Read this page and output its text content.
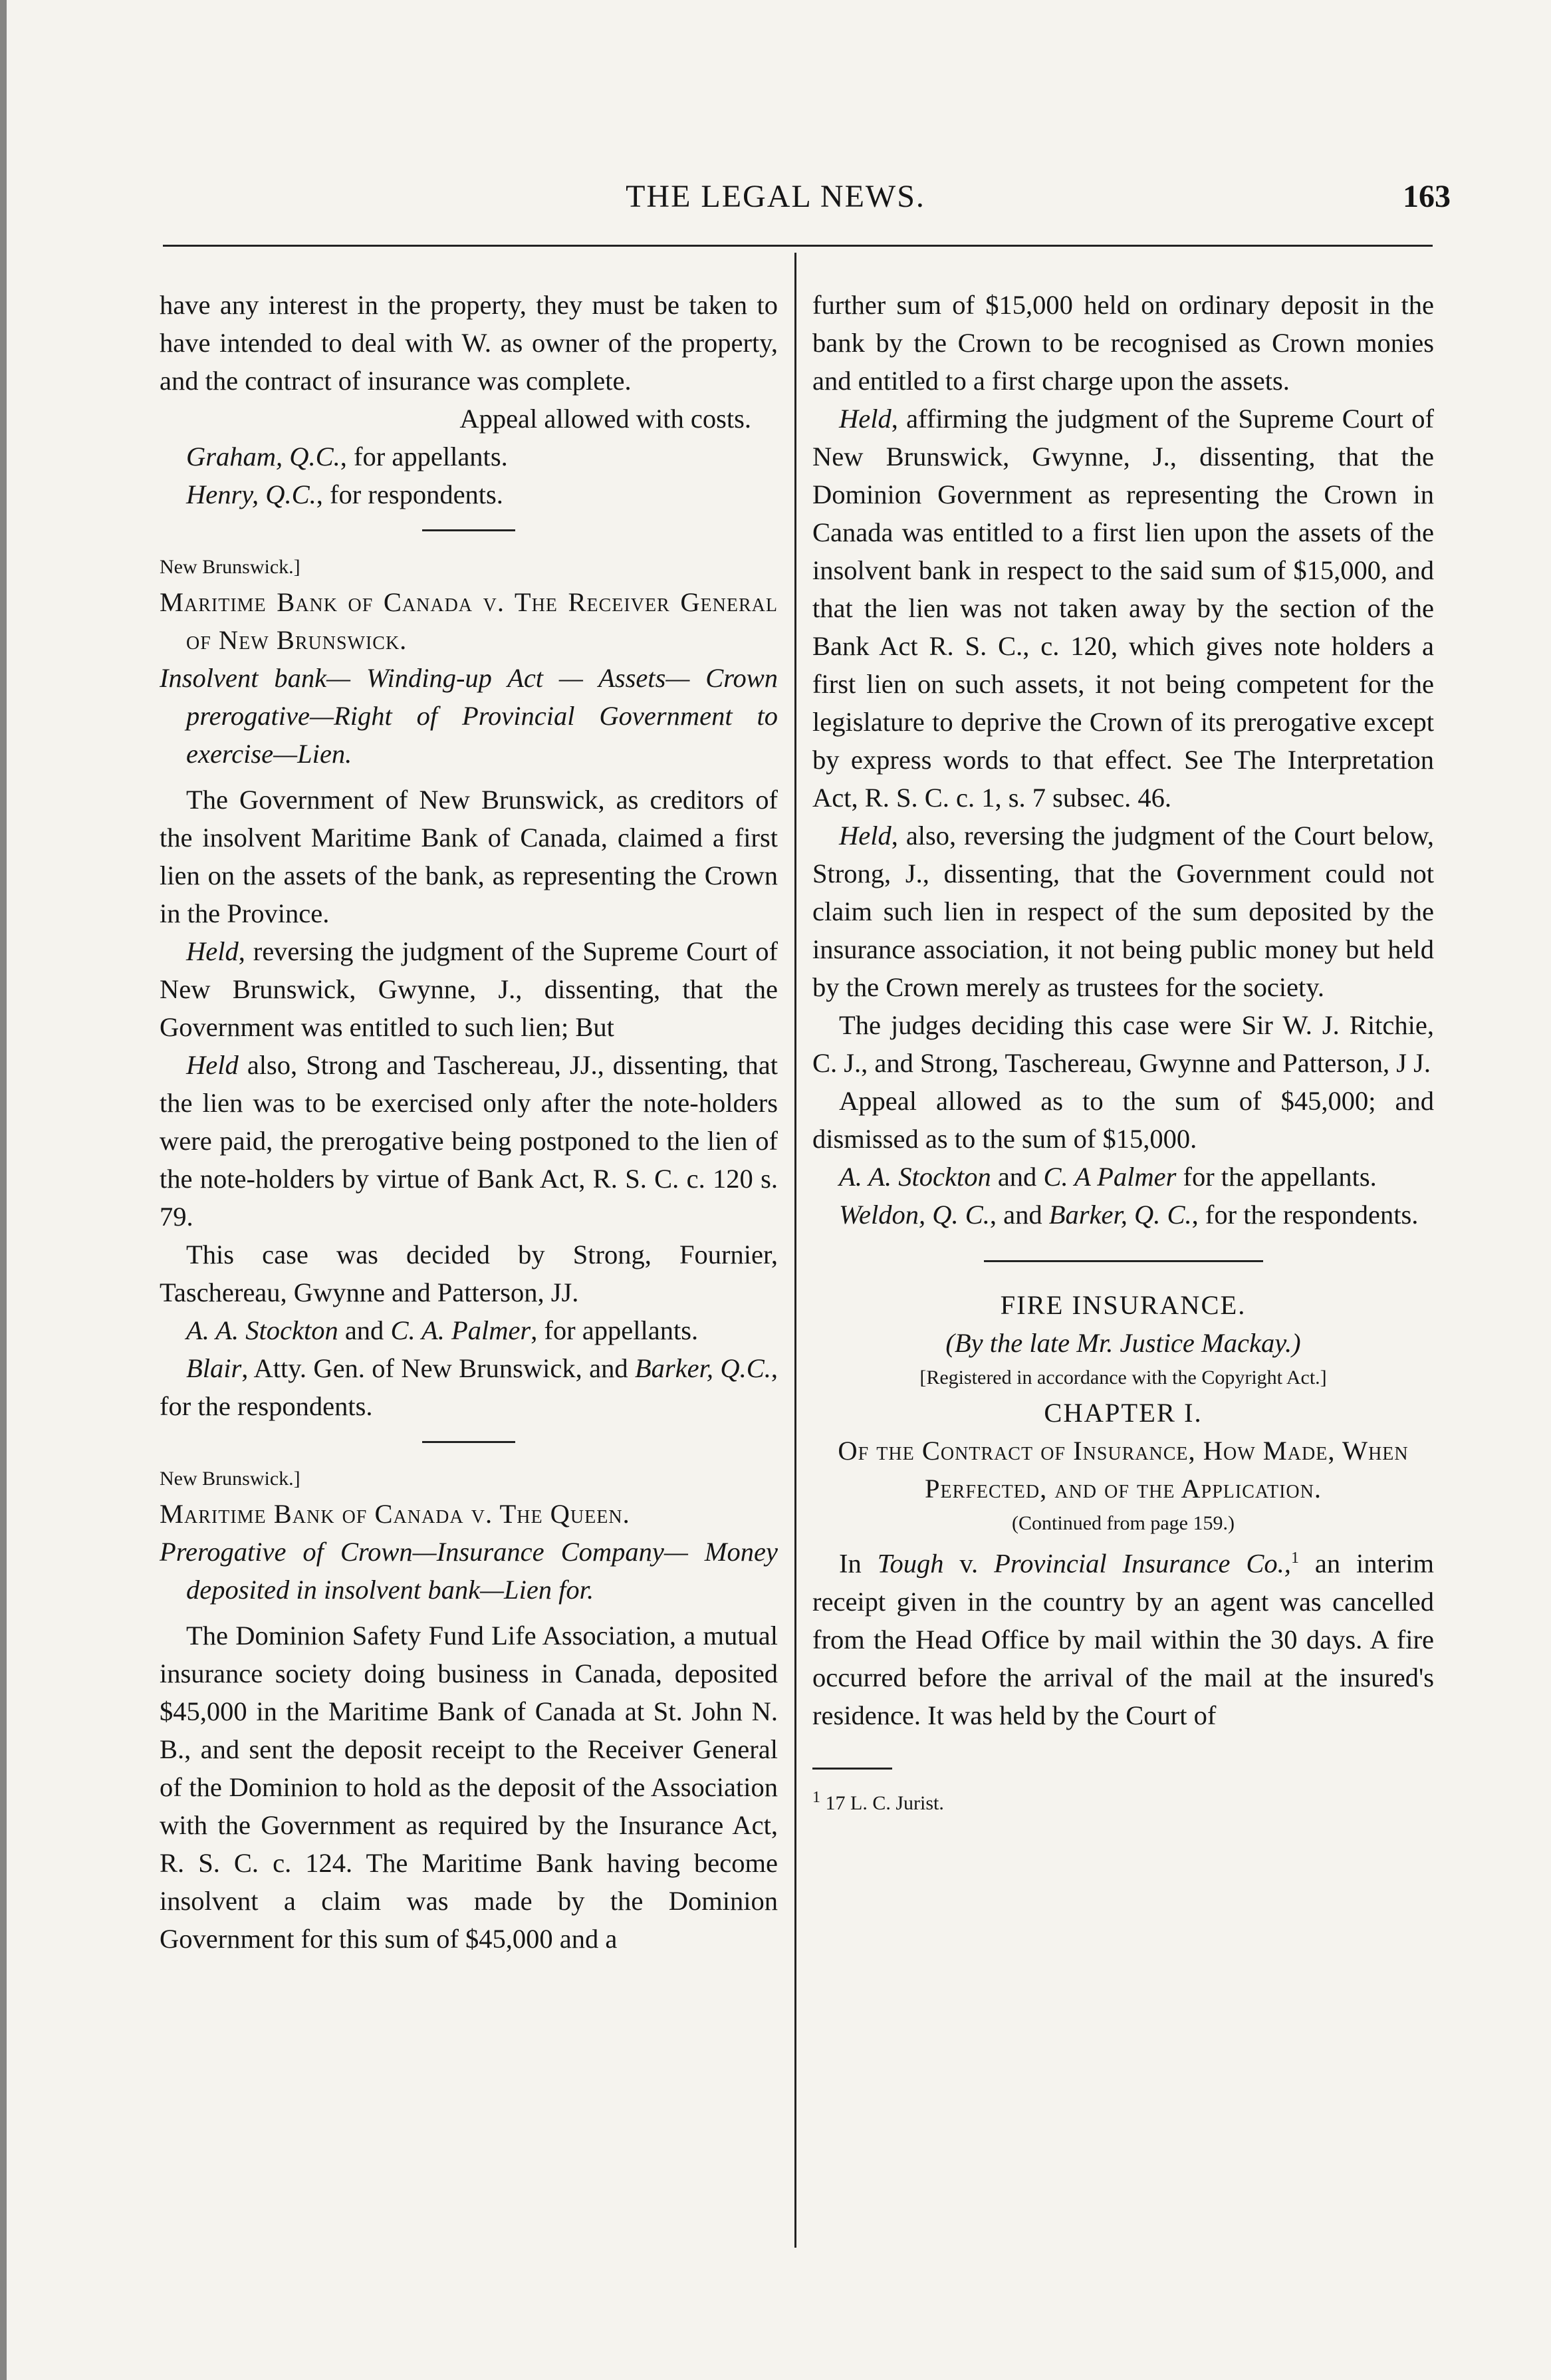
THE LEGAL NEWS.	163

have any interest in the property, they must be taken to have intended to deal with W. as owner of the property, and the contract of insurance was complete.

Appeal allowed with costs.

Graham, Q.C., for appellants.

Henry, Q.C., for respondents.

New Brunswick.]

Maritime Bank of Canada v. The Receiver General of New Brunswick.

Insolvent bank— Winding-up Act — Assets— Crown prerogative—Right of Provincial Government to exercise—Lien.

The Government of New Brunswick, as creditors of the insolvent Maritime Bank of Canada, claimed a first lien on the assets of the bank, as representing the Crown in the Province.

Held, reversing the judgment of the Supreme Court of New Brunswick, Gwynne, J., dissenting, that the Government was entitled to such lien; But

Held also, Strong and Taschereau, JJ., dissenting, that the lien was to be exercised only after the note-holders were paid, the prerogative being postponed to the lien of the note-holders by virtue of Bank Act, R. S. C. c. 120 s. 79.

This case was decided by Strong, Fournier, Taschereau, Gwynne and Patterson, JJ.

A. A. Stockton and C. A. Palmer, for appellants.

Blair, Atty. Gen. of New Brunswick, and Barker, Q.C., for the respondents.

New Brunswick.]

Maritime Bank of Canada v. The Queen.

Prerogative of Crown—Insurance Company— Money deposited in insolvent bank—Lien for.

The Dominion Safety Fund Life Association, a mutual insurance society doing business in Canada, deposited $45,000 in the Maritime Bank of Canada at St. John N. B., and sent the deposit receipt to the Receiver General of the Dominion to hold as the deposit of the Association with the Government as required by the Insurance Act, R. S. C. c. 124. The Maritime Bank having become insolvent a claim was made by the Dominion Government for this sum of $45,000 and a

further sum of $15,000 held on ordinary deposit in the bank by the Crown to be recognised as Crown monies and entitled to a first charge upon the assets.

Held, affirming the judgment of the Supreme Court of New Brunswick, Gwynne, J., dissenting, that the Dominion Government as representing the Crown in Canada was entitled to a first lien upon the assets of the insolvent bank in respect to the said sum of $15,000, and that the lien was not taken away by the section of the Bank Act R. S. C., c. 120, which gives note holders a first lien on such assets, it not being competent for the legislature to deprive the Crown of its prerogative except by express words to that effect. See The Interpretation Act, R. S. C. c. 1, s. 7 subsec. 46.

Held, also, reversing the judgment of the Court below, Strong, J., dissenting, that the Government could not claim such lien in respect of the sum deposited by the insurance association, it not being public money but held by the Crown merely as trustees for the society.

The judges deciding this case were Sir W. J. Ritchie, C. J., and Strong, Taschereau, Gwynne and Patterson, J J.

Appeal allowed as to the sum of $45,000; and dismissed as to the sum of $15,000.

A. A. Stockton and C. A Palmer for the appellants.

Weldon, Q. C., and Barker, Q. C., for the respondents.

FIRE INSURANCE.

(By the late Mr. Justice Mackay.)

[Registered in accordance with the Copyright Act.]

CHAPTER I.

Of the Contract of Insurance, How Made, When Perfected, and of the Application.

(Continued from page 159.)

In Tough v. Provincial Insurance Co.,$^1$ an interim receipt given in the country by an agent was cancelled from the Head Office by mail within the 30 days. A fire occurred before the arrival of the mail at the insured's residence. It was held by the Court of

$^1$ 17 L. C. Jurist.
